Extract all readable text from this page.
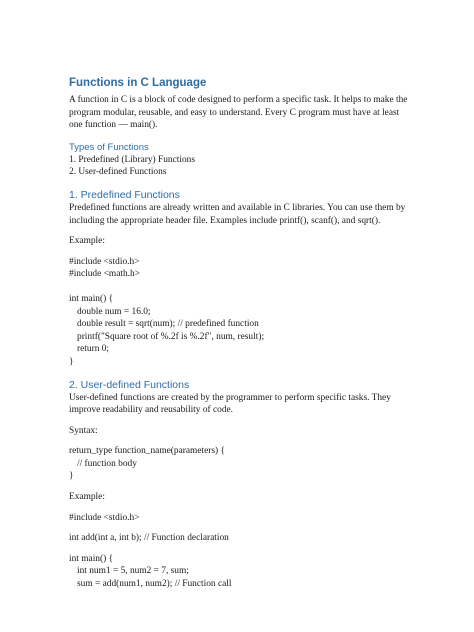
Functions in C Language

A function in C is a block of code designed to perform a specific task. It helps to make the

program modular, reusable, and easy to understand. Every C program must have at least

one function — main().

Types of Functions

1. Predefined (Library) Functions

2. User-defined Functions

1. Predefined Functions

Predefined functions are already written and available in C libraries. You can use them by

including the appropriate header file. Examples include printf(), scanf(), and sqrt().

Example:

#include <stdio.h>

#include <math.h>

int main() {

double num = 16.0;

double result = sqrt(num); // predefined function

printf("Square root of %.2f is %.2f", num, result);

return 0;

}

2. User-defined Functions

User-defined functions are created by the programmer to perform specific tasks. They

improve readability and reusability of code.

Syntax:

return_type function_name(parameters) {

// function body

}

Example:

#include <stdio.h>

int add(int a, int b); // Function declaration

int main() {

int num1 = 5, num2 = 7, sum;

sum = add(num1, num2); // Function call
